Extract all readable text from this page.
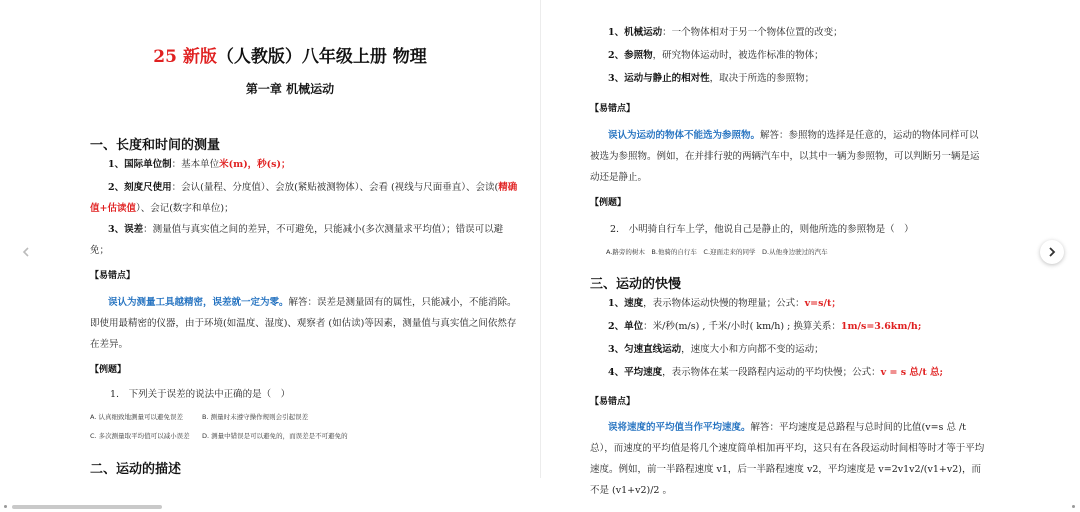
25 新版（人教版）八年级上册 物理
第一章 机械运动
一、长度和时间的测量
1、国际单位制：基本单位米(m)，秒(s)；
2、刻度尺使用：会认(量程、分度值）、会放(紧贴被测物体）、会看 (视线与尺面垂直）、会读(精确值+估读值）、会记(数字和单位)；
3、误差：测量值与真实值之间的差异，不可避免，只能减小(多次测量求平均值）；错误可以避免；
【易错点】
误认为测量工具越精密，误差就一定为零。解答：误差是测量固有的属性，只能减小，不能消除。即使用最精密的仪器，由于环境(如温度、湿度)、观察者 (如估读)等因素，测量值与真实值之间依然存在差异。
【例题】
1.　下列关于误差的说法中正确的是（　）
A. 认真细致地测量可以避免误差	B. 测量时未遵守操作规则会引起误差
C. 多次测量取平均值可以减小误差 D. 测量中错误是可以避免的，而误差是不可避免的
二、运动的描述
1、机械运动：一个物体相对于另一个物体位置的改变；
2、参照物，研究物体运动时，被选作标准的物体；
3、运动与静止的相对性，取决于所选的参照物；
【易错点】
误认为运动的物体不能选为参照物。解答：参照物的选择是任意的，运动的物体同样可以被选为参照物。例如，在并排行驶的两辆汽车中，以其中一辆为参照物，可以判断另一辆是运动还是静止。
【例题】
2.　小明骑自行车上学，他说自己是静止的，则他所选的参照物是（　）
A.路旁的树木　B.他骑的自行车　C.迎面走来的同学　D.从他身边驶过的汽车
三、运动的快慢
1、速度，表示物体运动快慢的物理量；公式：v=s/t；
2、单位：米/秒(m/s) , 千米/小时( km/h) ; 换算关系：1m/s=3.6km/h;
3、匀速直线运动，速度大小和方向都不变的运动；
4、平均速度，表示物体在某一段路程内运动的平均快慢；公式：v = s 总/t 总;
【易错点】
误将速度的平均值当作平均速度。解答：平均速度是总路程与总时间的比值(v=s 总 /t 总），而速度的平均值是将几个速度简单相加再平均，这只有在各段运动时间相等时才等于平均速度。例如，前一半路程速度 v1，后一半路程速度 v2，平均速度是 v=2v1v2/(v1+v2)，而不是 (v1+v2)/2 。
